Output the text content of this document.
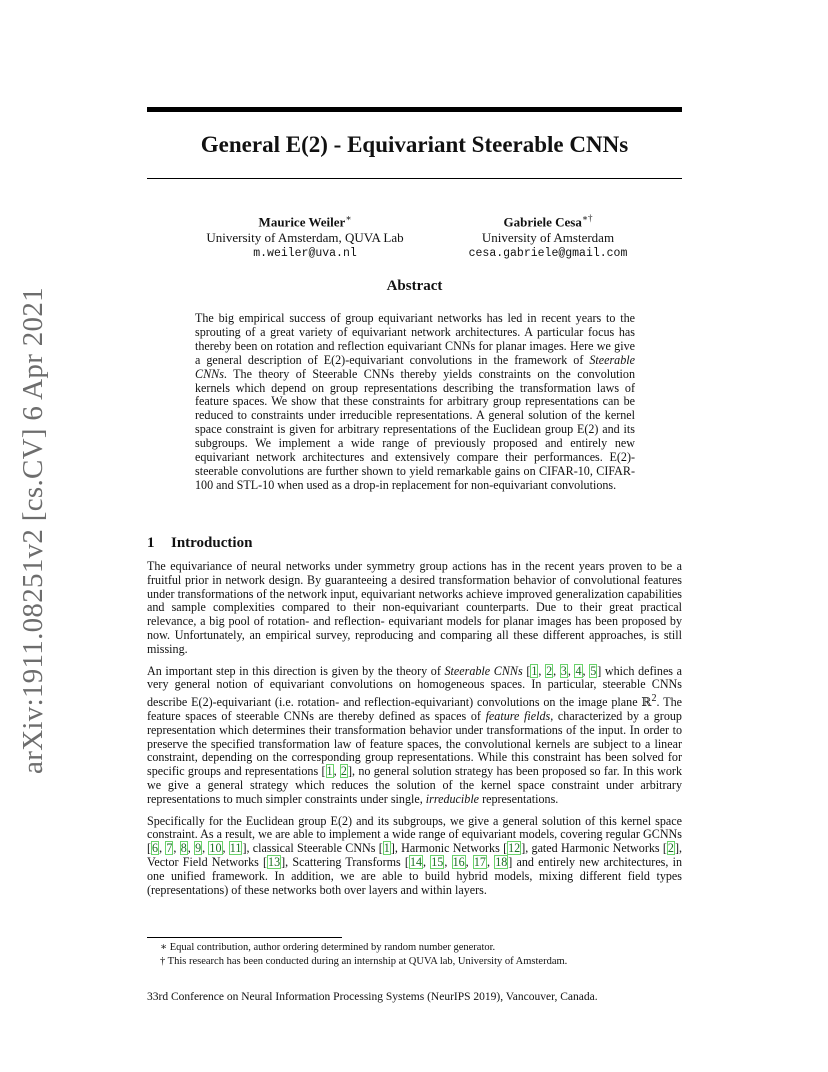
arXiv:1911.08251v2 [cs.CV] 6 Apr 2021
General E(2) - Equivariant Steerable CNNs
Maurice Weiler∗
University of Amsterdam, QUVA Lab
m.weiler@uva.nl
Gabriele Cesa∗†
University of Amsterdam
cesa.gabriele@gmail.com
Abstract

The big empirical success of group equivariant networks has led in recent years to the sprouting of a great variety of equivariant network architectures. A particular focus has thereby been on rotation and reflection equivariant CNNs for planar images. Here we give a general description of E(2)-equivariant convolutions in the framework of Steerable CNNs. The theory of Steerable CNNs thereby yields constraints on the convolution kernels which depend on group representations describing the transformation laws of feature spaces. We show that these constraints for arbitrary group representations can be reduced to constraints under irreducible representations. A general solution of the kernel space constraint is given for arbitrary representations of the Euclidean group E(2) and its subgroups. We implement a wide range of previously proposed and entirely new equivariant network architectures and extensively compare their performances. E(2)-steerable convolutions are further shown to yield remarkable gains on CIFAR-10, CIFAR-100 and STL-10 when used as a drop-in replacement for non-equivariant convolutions.

1 Introduction

The equivariance of neural networks under symmetry group actions has in the recent years proven to be a fruitful prior in network design. By guaranteeing a desired transformation behavior of convolutional features under transformations of the network input, equivariant networks achieve improved generalization capabilities and sample complexities compared to their non-equivariant counterparts. Due to their great practical relevance, a big pool of rotation- and reflection- equivariant models for planar images has been proposed by now. Unfortunately, an empirical survey, reproducing and comparing all these different approaches, is still missing.

An important step in this direction is given by the theory of Steerable CNNs [1, 2, 3, 4, 5] which defines a very general notion of equivariant convolutions on homogeneous spaces. In particular, steerable CNNs describe E(2)-equivariant (i.e. rotation- and reflection-equivariant) convolutions on the image plane ℝ$^2$. The feature spaces of steerable CNNs are thereby defined as spaces of feature fields, characterized by a group representation which determines their transformation behavior under transformations of the input. In order to preserve the specified transformation law of feature spaces, the convolutional kernels are subject to a linear constraint, depending on the corresponding group representations. While this constraint has been solved for specific groups and representations [1, 2], no general solution strategy has been proposed so far. In this work we give a general strategy which reduces the solution of the kernel space constraint under arbitrary representations to much simpler constraints under single, irreducible representations.

Specifically for the Euclidean group E(2) and its subgroups, we give a general solution of this kernel space constraint. As a result, we are able to implement a wide range of equivariant models, covering regular GCNNs [6, 7, 8, 9, 10, 11], classical Steerable CNNs [1], Harmonic Networks [12], gated Harmonic Networks [2], Vector Field Networks [13], Scattering Transforms [14, 15, 16, 17, 18] and entirely new architectures, in one unified framework. In addition, we are able to build hybrid models, mixing different field types (representations) of these networks both over layers and within layers.

∗ Equal contribution, author ordering determined by random number generator.
† This research has been conducted during an internship at QUVA lab, University of Amsterdam.
33rd Conference on Neural Information Processing Systems (NeurIPS 2019), Vancouver, Canada.
